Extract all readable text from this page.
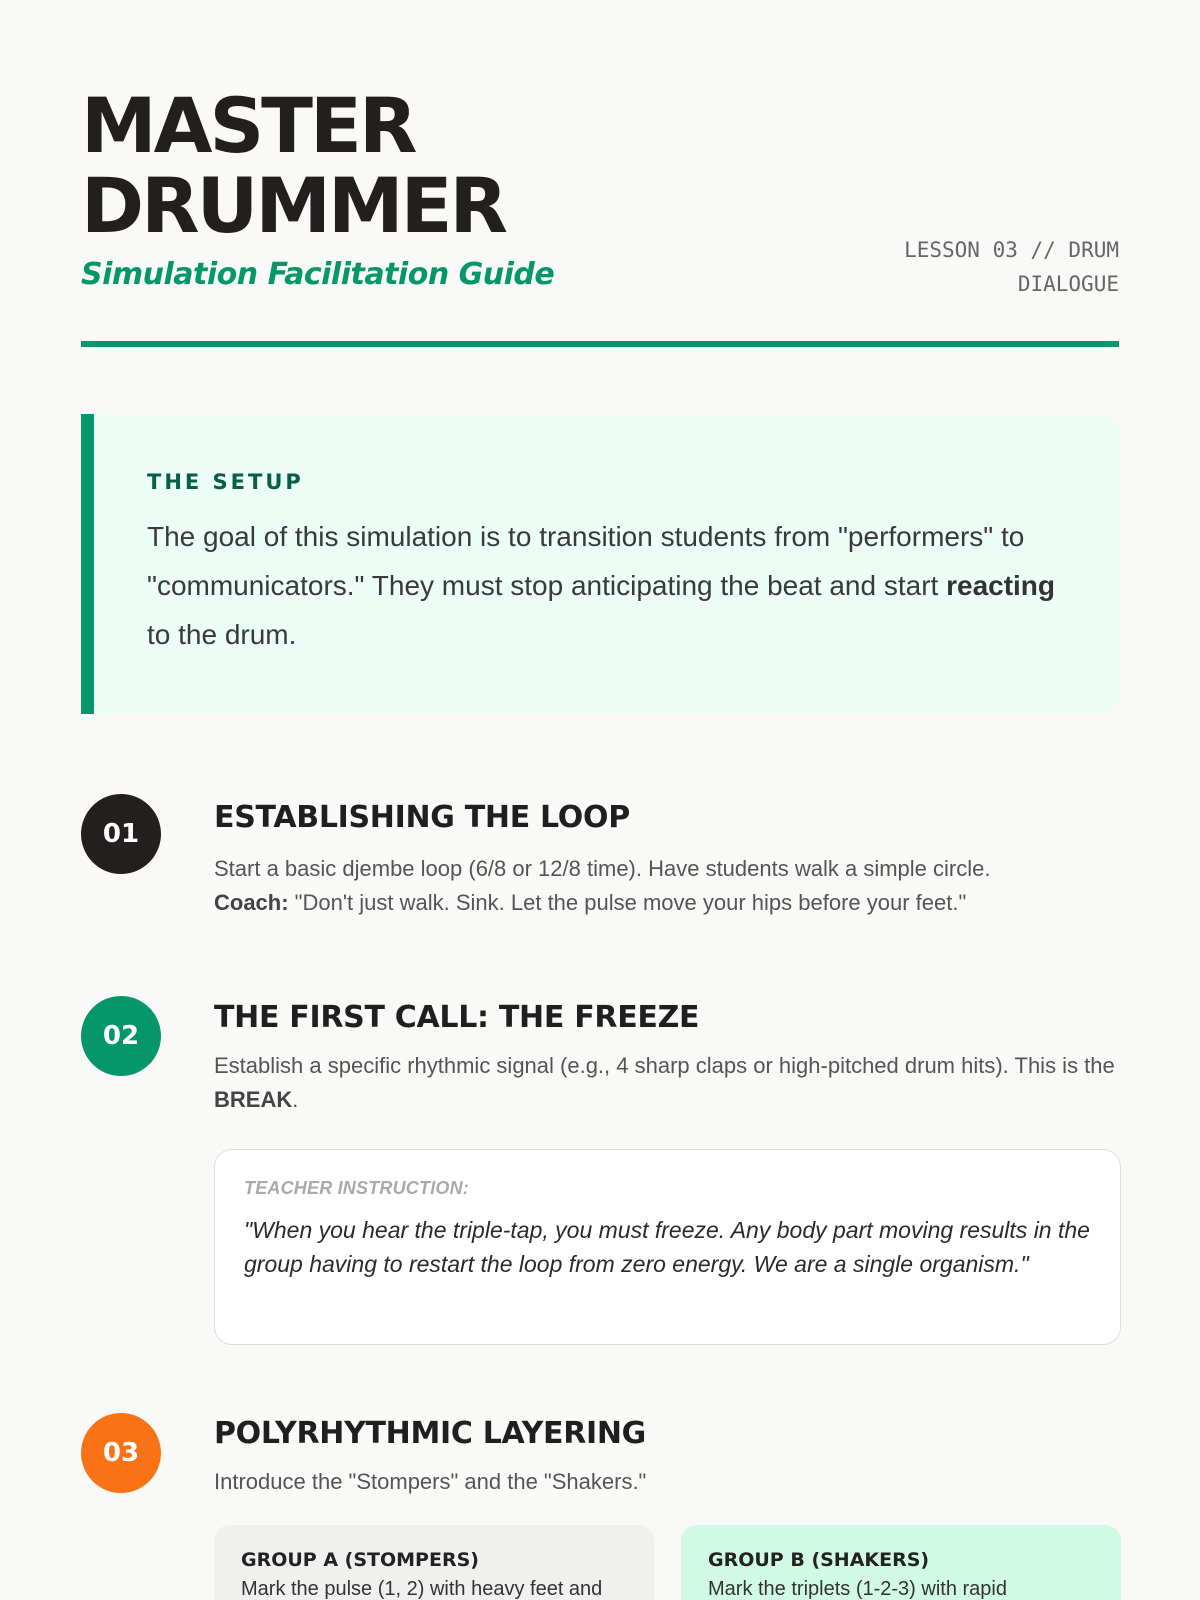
MASTER
DRUMMER
Simulation Facilitation Guide
LESSON 03 // DRUM
DIALOGUE
THE SETUP

The goal of this simulation is to transition students from "performers" to "communicators." They must stop anticipating the beat and start reacting to the drum.

01	ESTABLISHING THE LOOP

Start a basic djembe loop (6/8 or 12/8 time). Have students walk a simple circle.
Coach: "Don't just walk. Sink. Let the pulse move your hips before your feet."

02
THE FIRST CALL: THE FREEZE

Establish a specific rhythmic signal (e.g., 4 sharp claps or high-pitched drum hits). This is the BREAK.

TEACHER INSTRUCTION:

"When you hear the triple-tap, you must freeze. Any body part moving results in the group having to restart the loop from zero energy. We are a single organism."

03
POLYRHYTHMIC LAYERING

Introduce the "Stompers" and the "Shakers."

GROUP A (STOMPERS)
Mark the pulse (1, 2) with heavy feet and
GROUP B (SHAKERS)
Mark the triplets (1-2-3) with rapid
